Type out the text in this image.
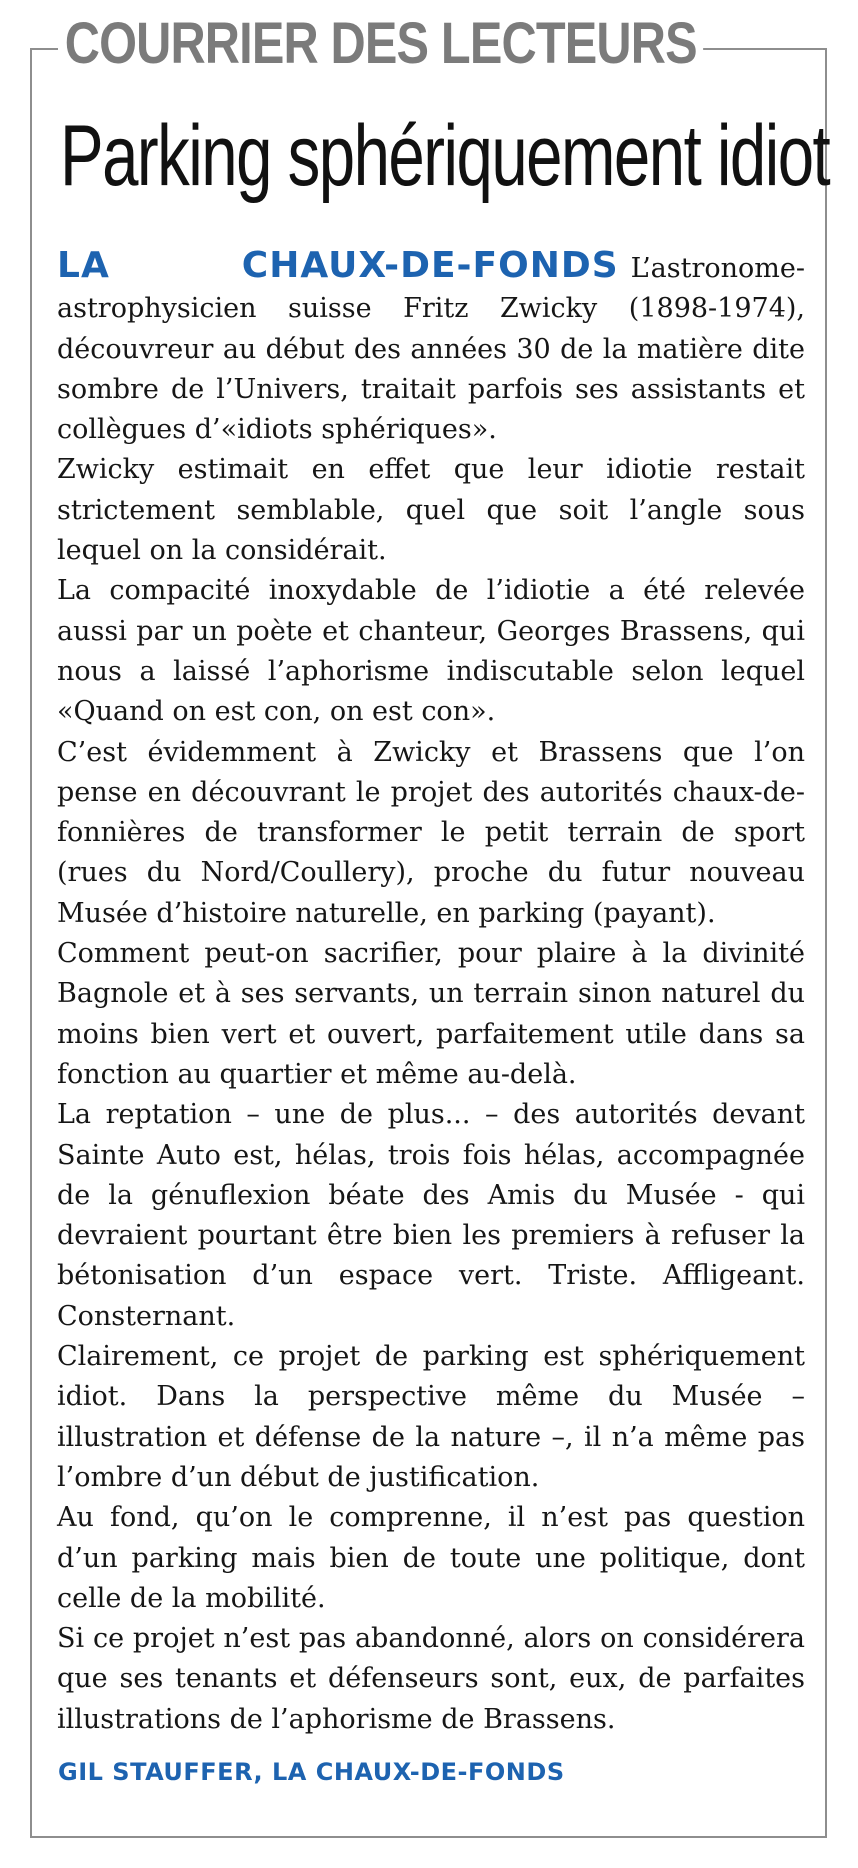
COURRIER DES LECTEURS
Parking sphériquement idiot

LA CHAUX-DE-FONDS L’astronome-astrophysicien suisse Fritz Zwicky (1898-1974), découvreur au début des années 30 de la matière dite sombre de l’Univers, traitait parfois ses assistants et collègues d’«idiots sphériques».

Zwicky estimait en effet que leur idiotie restait strictement semblable, quel que soit l’angle sous lequel on la considérait.

La compacité inoxydable de l’idiotie a été relevée aussi par un poète et chanteur, Georges Brassens, qui nous a laissé l’aphorisme indiscutable selon lequel «Quand on est con, on est con».

C’est évidemment à Zwicky et Brassens que l’on pense en découvrant le projet des autorités chaux-de-fonnières de transformer le petit terrain de sport (rues du Nord/Coullery), proche du futur nouveau Musée d’histoire naturelle, en parking (payant).

Comment peut-on sacrifier, pour plaire à la divinité Bagnole et à ses servants, un terrain sinon naturel du moins bien vert et ouvert, parfaitement utile dans sa fonction au quartier et même au-delà.

La reptation – une de plus... – des autorités devant Sainte Auto est, hélas, trois fois hélas, accompagnée de la génuflexion béate des Amis du Musée - qui devraient pourtant être bien les premiers à refuser la bétonisation d’un espace vert. Triste. Affligeant. Consternant.

Clairement, ce projet de parking est sphériquement idiot. Dans la perspective même du Musée – illustration et défense de la nature –, il n’a même pas l’ombre d’un début de justification.

Au fond, qu’on le comprenne, il n’est pas question d’un parking mais bien de toute une politique, dont celle de la mobilité.

Si ce projet n’est pas abandonné, alors on considérera que ses tenants et défenseurs sont, eux, de parfaites illustrations de l’aphorisme de Brassens.

GIL STAUFFER, LA CHAUX-DE-FONDS
